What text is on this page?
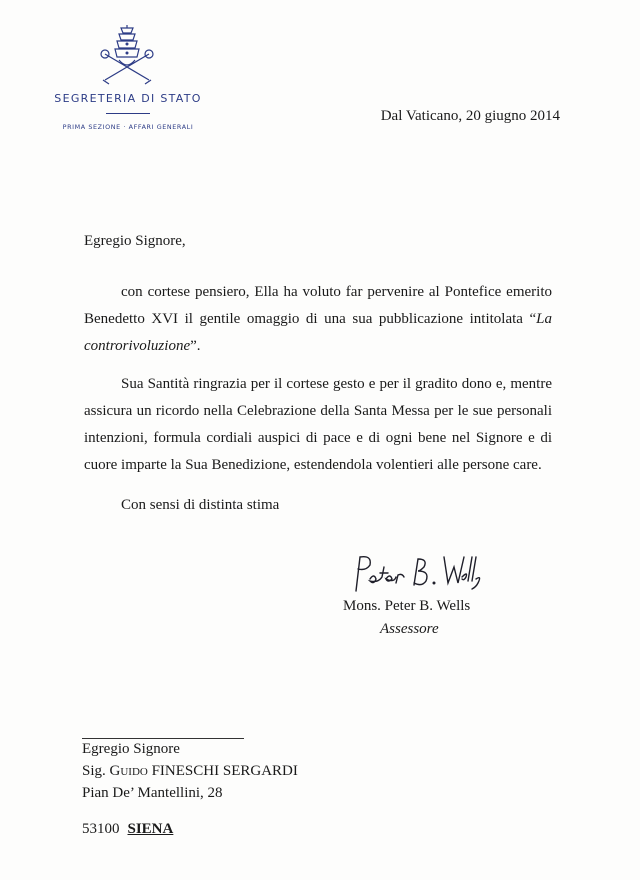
SEGRETERIA DI STATO
PRIMA SEZIONE · AFFARI GENERALI
Dal Vaticano, 20 giugno 2014
Egregio Signore,

con cortese pensiero, Ella ha voluto far pervenire al Pontefice emerito Benedetto XVI il gentile omaggio di una sua pubblicazione intitolata “La controrivoluzione”.

Sua Santità ringrazia per il cortese gesto e per il gradito dono e, mentre assicura un ricordo nella Celebrazione della Santa Messa per le sue personali intenzioni, formula cordiali auspici di pace e di ogni bene nel Signore e di cuore imparte la Sua Benedizione, estendendola volentieri alle persone care.

Con sensi di distinta stima
Mons. Peter B. Wells
Assessore
Egregio Signore
Sig. Guido FINESCHI SERGARDI
Pian De’ Mantellini, 28
53100 SIENA
